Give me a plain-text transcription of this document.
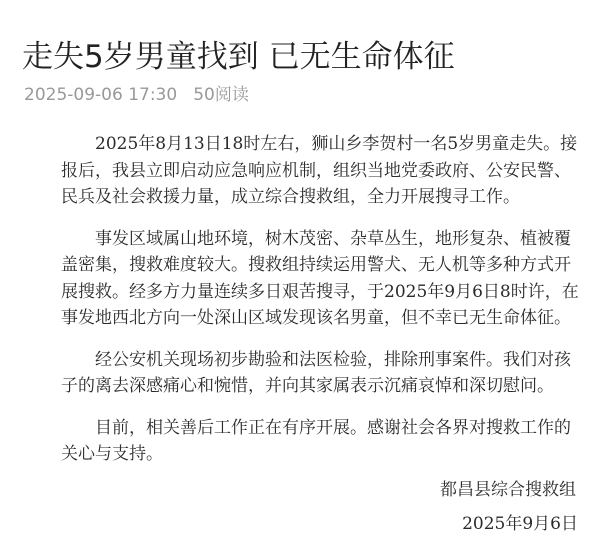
走失5岁男童找到 已无生命体征
2025-09-06 17:30 50阅读

2025年8月13日18时左右，狮山乡李贺村一名5岁男童走失。接报后，我县立即启动应急响应机制，组织当地党委政府、公安民警、民兵及社会救援力量，成立综合搜救组，全力开展搜寻工作。

事发区域属山地环境，树木茂密、杂草丛生，地形复杂、植被覆盖密集，搜救难度较大。搜救组持续运用警犬、无人机等多种方式开展搜救。经多方力量连续多日艰苦搜寻，于2025年9月6日8时许，在事发地西北方向一处深山区域发现该名男童，但不幸已无生命体征。

经公安机关现场初步勘验和法医检验，排除刑事案件。我们对孩子的离去深感痛心和惋惜，并向其家属表示沉痛哀悼和深切慰问。

目前，相关善后工作正在有序开展。感谢社会各界对搜救工作的关心与支持。

都昌县综合搜救组
2025年9月6日
